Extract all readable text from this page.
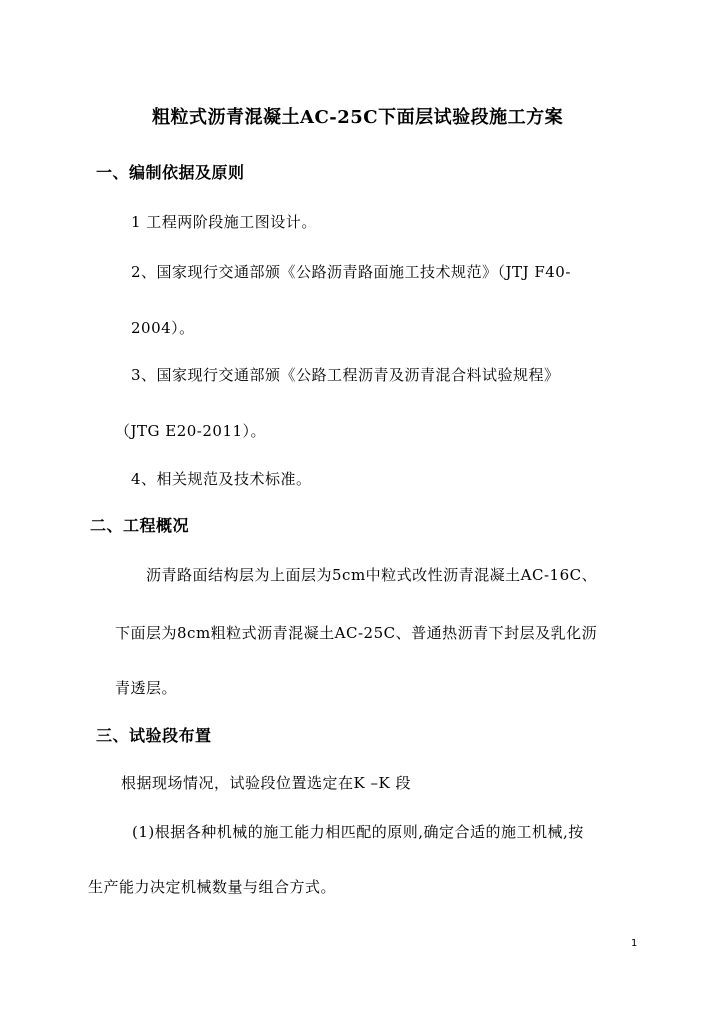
粗粒式沥青混凝土AC-25C下面层试验段施工方案
一、编制依据及原则
1 工程两阶段施工图设计。
2、国家现行交通部颁《公路沥青路面施工技术规范》（JTJ F40-
2004）。
3、国家现行交通部颁《公路工程沥青及沥青混合料试验规程》
（JTG E20-2011）。
4、相关规范及技术标准。
二、工程概况
沥青路面结构层为上面层为5cm中粒式改性沥青混凝土AC-16C、
下面层为8cm粗粒式沥青混凝土AC-25C、普通热沥青下封层及乳化沥
青透层。
三、试验段布置
根据现场情况，试验段位置选定在K –K 段
(1)根据各种机械的施工能力相匹配的原则,确定合适的施工机械,按
生产能力决定机械数量与组合方式。
1
